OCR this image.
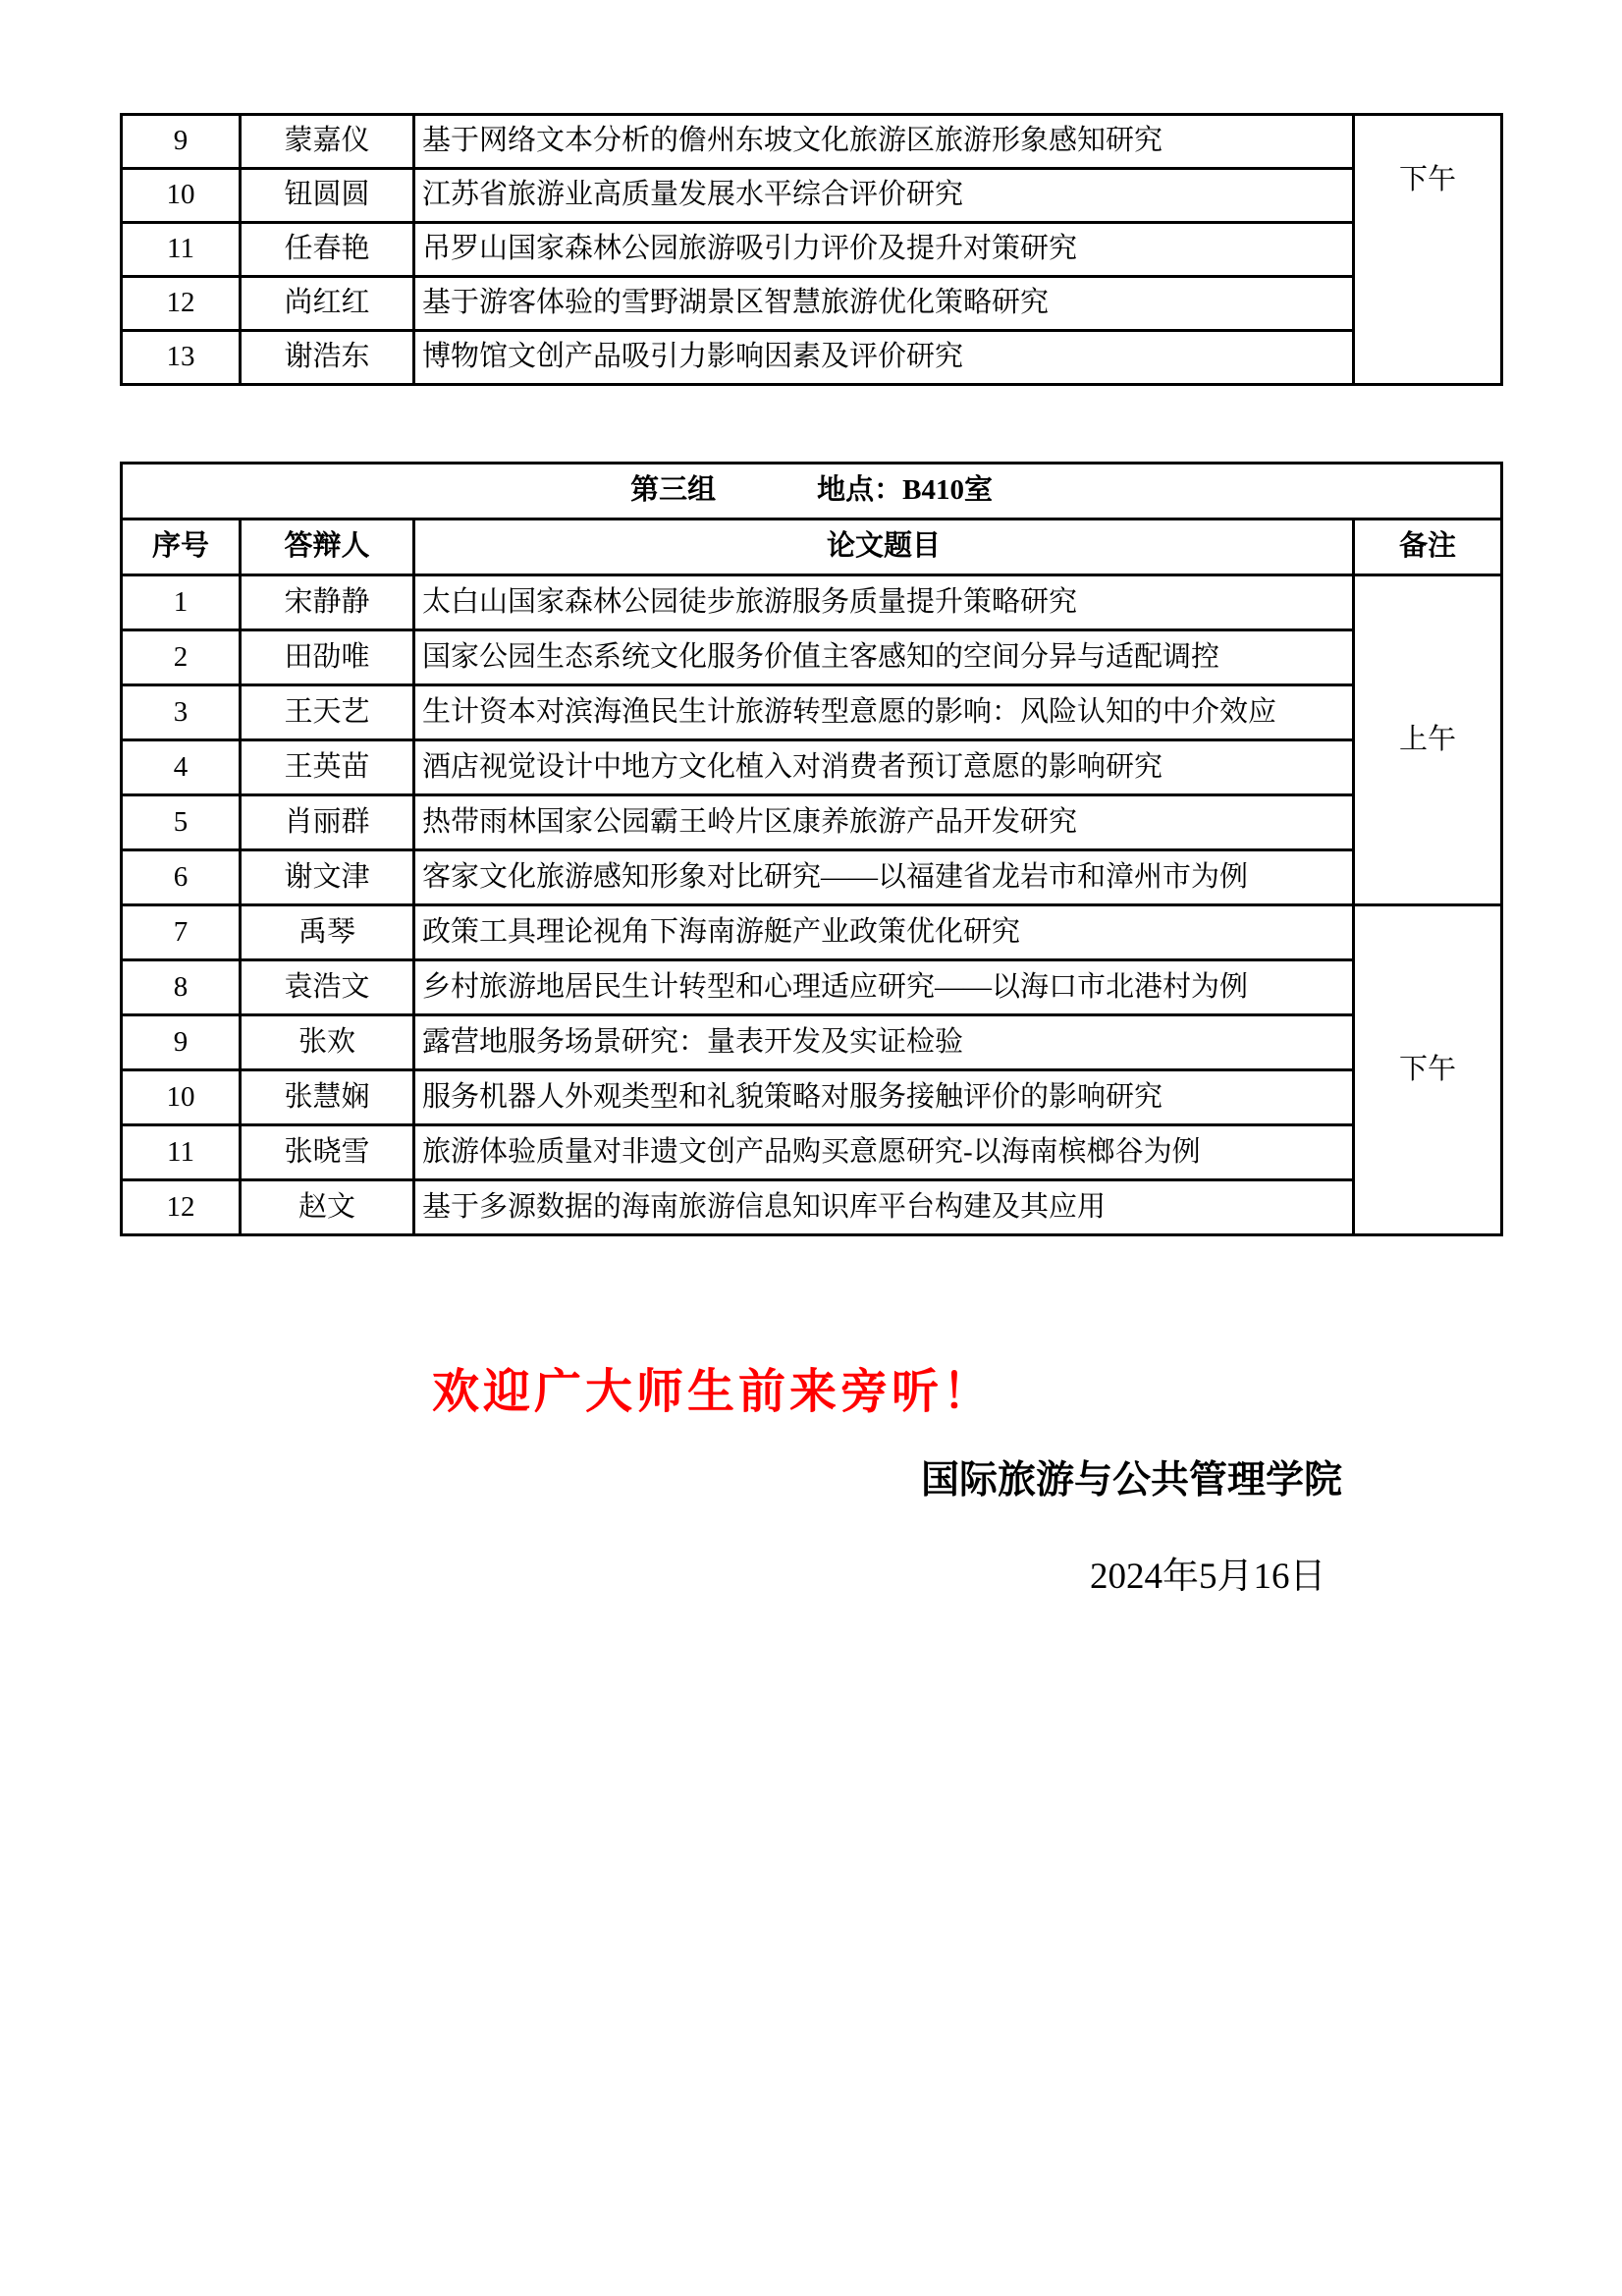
9	蒙嘉仪	基于网络文本分析的儋州东坡文化旅游区旅游形象感知研究	下午
10	钮圆圆	江苏省旅游业高质量发展水平综合评价研究	
11	任春艳	吊罗山国家森林公园旅游吸引力评价及提升对策研究	
12	尚红红	基于游客体验的雪野湖景区智慧旅游优化策略研究	
13	谢浩东	博物馆文创产品吸引力影响因素及评价研究	
第三组 地点：B410室			
序号	答辩人	论文题目	备注
1	宋静静	太白山国家森林公园徒步旅游服务质量提升策略研究	上午
2	田劭唯	国家公园生态系统文化服务价值主客感知的空间分异与适配调控	
3	王天艺	生计资本对滨海渔民生计旅游转型意愿的影响：风险认知的中介效应	
4	王英苗	酒店视觉设计中地方文化植入对消费者预订意愿的影响研究	
5	肖丽群	热带雨林国家公园霸王岭片区康养旅游产品开发研究	
6	谢文津	客家文化旅游感知形象对比研究——以福建省龙岩市和漳州市为例	
7	禹琴	政策工具理论视角下海南游艇产业政策优化研究	下午
8	袁浩文	乡村旅游地居民生计转型和心理适应研究——以海口市北港村为例	
9	张欢	露营地服务场景研究：量表开发及实证检验	
10	张慧娴	服务机器人外观类型和礼貌策略对服务接触评价的影响研究	
11	张晓雪	旅游体验质量对非遗文创产品购买意愿研究-以海南槟榔谷为例	
12	赵文	基于多源数据的海南旅游信息知识库平台构建及其应用	
欢迎广大师生前来旁听！
国际旅游与公共管理学院
2024年5月16日
